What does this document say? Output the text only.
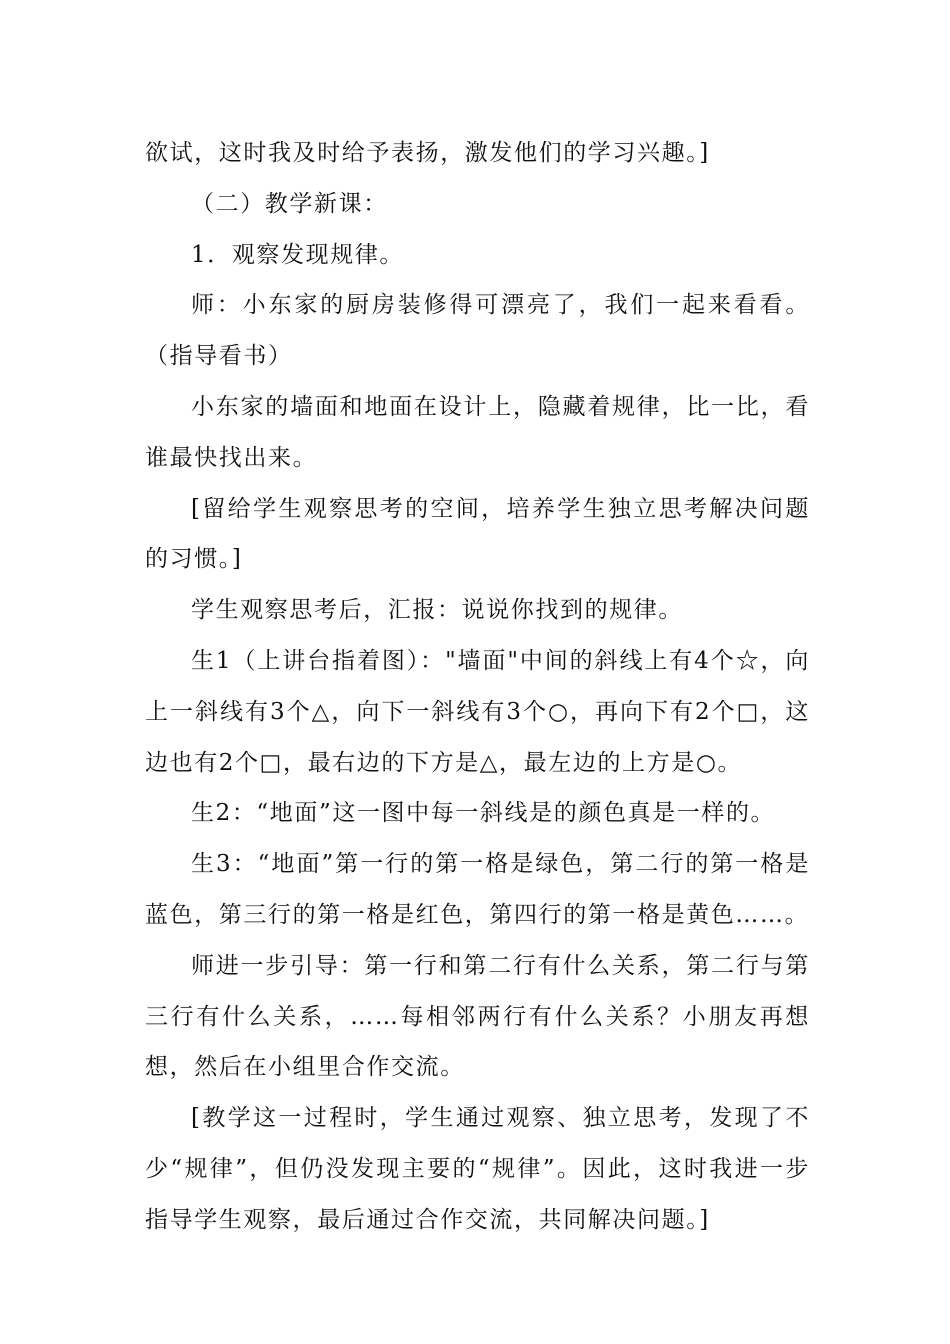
欲试，这时我及时给予表扬，激发他们的学习兴趣。]

（二）教学新课：

1．观察发现规律。

师：小东家的厨房装修得可漂亮了，我们一起来看看。（指导看书）

小东家的墙面和地面在设计上，隐藏着规律，比一比，看谁最快找出来。

[留给学生观察思考的空间，培养学生独立思考解决问题的习惯。]

学生观察思考后，汇报：说说你找到的规律。

生1（上讲台指着图）："墙面"中间的斜线上有4个☆，向上一斜线有3个△，向下一斜线有3个○，再向下有2个□，这边也有2个□，最右边的下方是△，最左边的上方是○。

生2：“地面”这一图中每一斜线是的颜色真是一样的。

生3：“地面”第一行的第一格是绿色，第二行的第一格是蓝色，第三行的第一格是红色，第四行的第一格是黄色……。

师进一步引导：第一行和第二行有什么关系，第二行与第三行有什么关系，……每相邻两行有什么关系？小朋友再想想，然后在小组里合作交流。

[教学这一过程时，学生通过观察、独立思考，发现了不少“规律”，但仍没发现主要的“规律”。因此，这时我进一步指导学生观察，最后通过合作交流，共同解决问题。]
